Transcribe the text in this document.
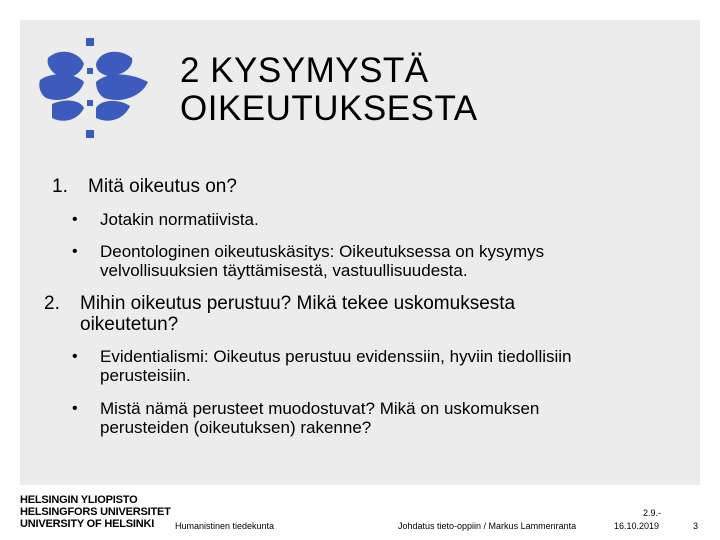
2 KYSYMYSTÄ
OIKEUTUKSESTA
1. Mitä oikeutus on?
• Jotakin normatiivista.
• Deontologinen oikeutuskäsitys: Oikeutuksessa on kysymys
velvollisuuksien täyttämisestä, vastuullisuudesta.
2. Mihin oikeutus perustuu? Mikä tekee uskomuksesta
oikeutetun?
• Evidentialismi: Oikeutus perustuu evidenssiin, hyviin tiedollisiin
perusteisiin.
• Mistä nämä perusteet muodostuvat? Mikä on uskomuksen
perusteiden (oikeutuksen) rakenne?
HELSINGIN YLIOPISTO
HELSINGFORS UNIVERSITET
UNIVERSITY OF HELSINKI	Humanistinen tiedekunta	Johdatus tieto-oppiin / Markus Lammenranta
2.9.-
16.10.2019	3
